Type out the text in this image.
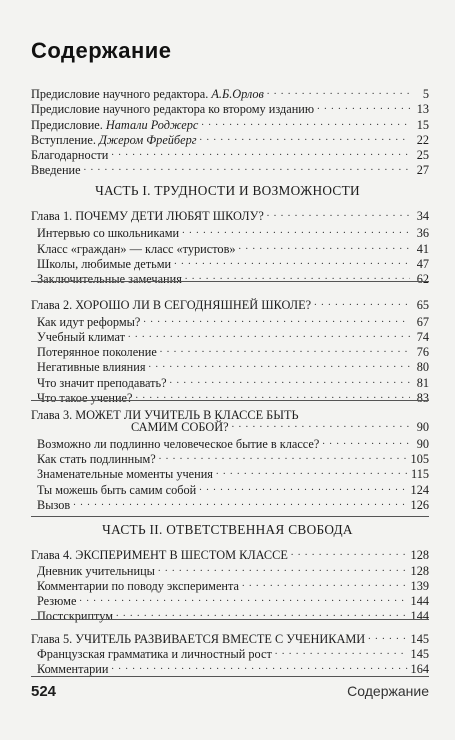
Содержание
Предисловие научного редактора. А.Б.Орлов . . .	5
Предисловие научного редактора ко второму изданию . . .	13
Предисловие. Натали Роджерс . . .	15
Вступление. Джером Фрейберг . . .	22
Благодарности . . .	25
Введение . . .	27
ЧАСТЬ I. ТРУДНОСТИ И ВОЗМОЖНОСТИ
Глава 1. ПОЧЕМУ ДЕТИ ЛЮБЯТ ШКОЛУ? . . .	34
Интервью со школьниками . . .	36
Класс «граждан» — класс «туристов» . . .	41
Школы, любимые детьми . . .	47
Заключительные замечания . . .	62
Глава 2. ХОРОШО ЛИ В СЕГОДНЯШНЕЙ ШКОЛЕ? . . .	65
Как идут реформы? . . .	67
Учебный климат . . .	74
Потерянное поколение . . .	76
Негативные влияния . . .	80
Что значит преподавать? . . .	81
Что такое учение? . . .	83
Глава 3. МОЖЕТ ЛИ УЧИТЕЛЬ В КЛАССЕ БЫТЬ
САМИМ СОБОЙ? . . .	90
Возможно ли подлинно человеческое бытие в классе? . . .	90
Как стать подлинным? . . .	105
Знаменательные моменты учения . . .	115
Ты можешь быть самим собой . . .	124
Вызов . . .	126
ЧАСТЬ II. ОТВЕТСТВЕННАЯ СВОБОДА
Глава 4. ЭКСПЕРИМЕНТ В ШЕСТОМ КЛАССЕ . . .	128
Дневник учительницы . . .	128
Комментарии по поводу эксперимента . . .	139
Резюме . . .	144
Постскриптум . . .	144
Глава 5. УЧИТЕЛЬ РАЗВИВАЕТСЯ ВМЕСТЕ С УЧЕНИКАМИ . . .	145
Французская грамматика и личностный рост . . .	145
Комментарии . . .	164
524	Содержание
